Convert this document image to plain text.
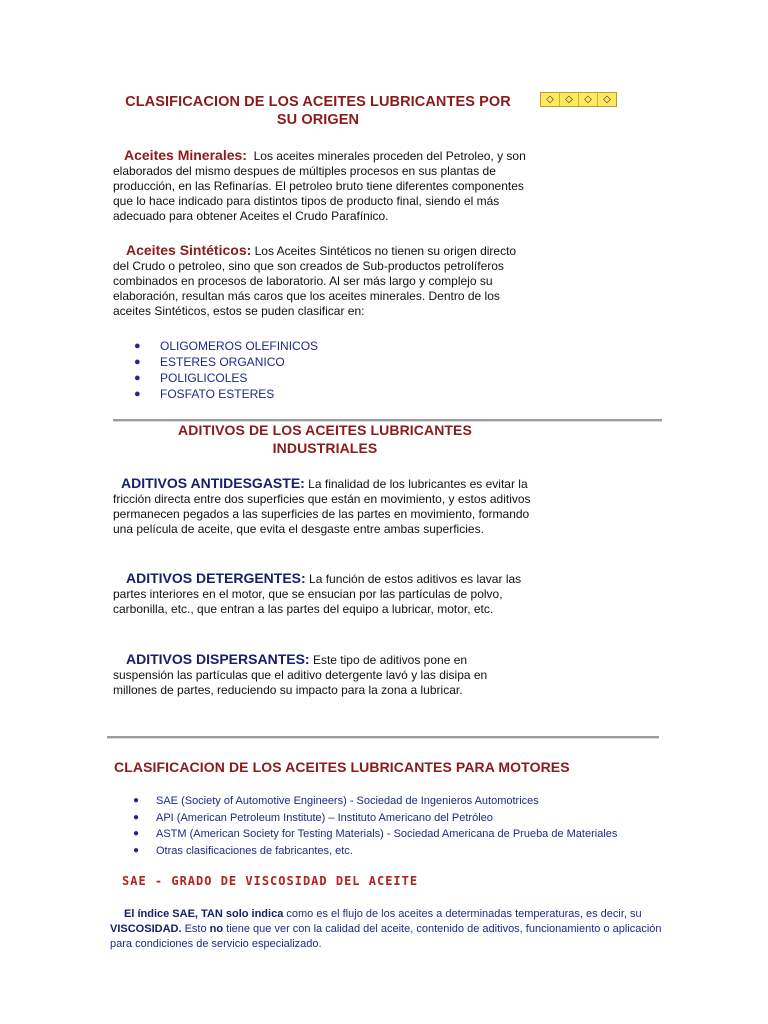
CLASIFICACION DE LOS ACEITES LUBRICANTES POR
SU ORIGEN
◇	◇	◇	◇
Aceites Minerales: Los aceites minerales proceden del Petroleo, y son elaborados del mismo despues de múltiples procesos en sus plantas de producción, en las Refinarías. El petroleo bruto tiene diferentes componentes que lo hace indicado para distintos tipos de producto final, siendo el más adecuado para obtener Aceites el Crudo Parafínico.
Aceites Sintéticos: Los Aceites Sintéticos no tienen su origen directo del Crudo o petroleo, sino que son creados de Sub-productos petrolíferos combinados en procesos de laboratorio. Al ser más largo y complejo su elaboración, resultan más caros que los aceites minerales. Dentro de los aceites Sintéticos, estos se puden clasificar en:
● OLIGOMEROS OLEFINICOS
● ESTERES ORGANICO
● POLIGLICOLES
● FOSFATO ESTERES
ADITIVOS DE LOS ACEITES LUBRICANTES
INDUSTRIALES
ADITIVOS ANTIDESGASTE: La finalidad de los lubricantes es evitar la fricción directa entre dos superficies que están en movimiento, y estos aditivos permanecen pegados a las superficies de las partes en movimiento, formando una película de aceite, que evita el desgaste entre ambas superficies.
ADITIVOS DETERGENTES: La función de estos aditivos es lavar las partes interiores en el motor, que se ensucian por las partículas de polvo, carbonilla, etc., que entran a las partes del equipo a lubricar, motor, etc.
ADITIVOS DISPERSANTES: Este tipo de aditivos pone en suspensión las partículas que el aditivo detergente lavó y las disipa en millones de partes, reduciendo su impacto para la zona a lubricar.
CLASIFICACION DE LOS ACEITES LUBRICANTES PARA MOTORES
● SAE (Society of Automotive Engineers) - Sociedad de Ingenieros Automotrices
● API (American Petroleum Institute) – Instituto Americano del Petróleo
● ASTM (American Society for Testing Materials) - Sociedad Americana de Prueba de Materiales
● Otras clasificaciones de fabricantes, etc.
SAE - GRADO DE VISCOSIDAD DEL ACEITE
El índice SAE, TAN solo indica como es el flujo de los aceites a determinadas temperaturas, es decir, su VISCOSIDAD. Esto no tiene que ver con la calidad del aceite, contenido de aditivos, funcionamiento o aplicación para condiciones de servicio especializado.
